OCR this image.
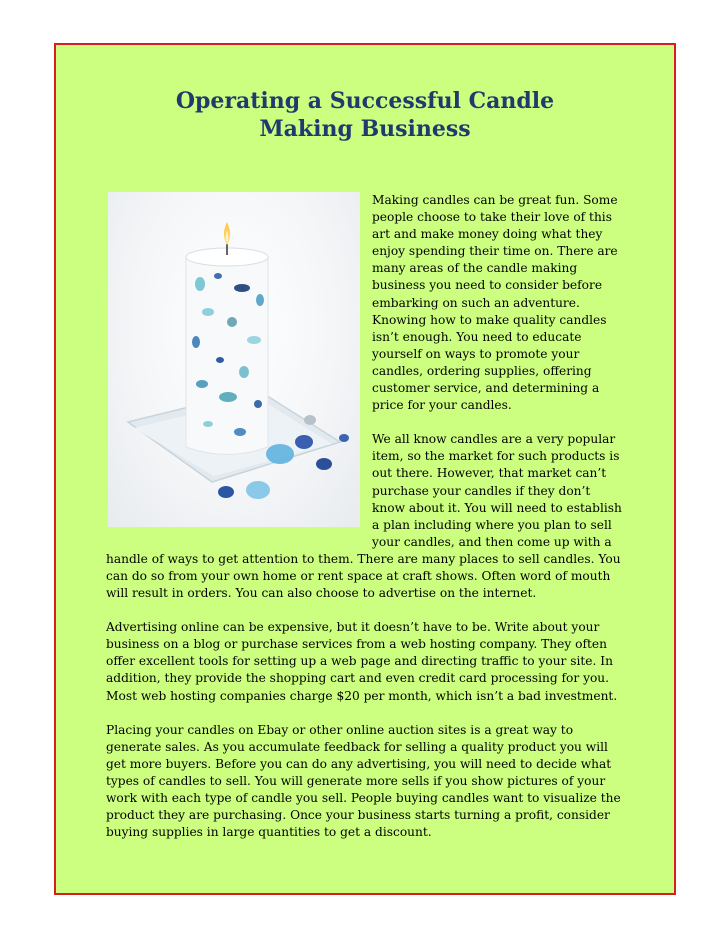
Operating a Successful Candle
Making Business

Making candles can be great fun. Some people choose to take their love of this art and make money doing what they enjoy spending their time on. There are many areas of the candle making business you need to consider before embarking on such an adventure. Knowing how to make quality candles isn’t enough. You need to educate yourself on ways to promote your candles, ordering supplies, offering customer service, and determining a price for your candles.

We all know candles are a very popular item, so the market for such products is out there. However, that market can’t purchase your candles if they don’t know about it. You will need to establish a plan including where you plan to sell your candles, and then come up with a handle of ways to get attention to them. There are many places to sell candles. You can do so from your own home or rent space at craft shows. Often word of mouth will result in orders. You can also choose to advertise on the internet.

Advertising online can be expensive, but it doesn’t have to be. Write about your business on a blog or purchase services from a web hosting company. They often offer excellent tools for setting up a web page and directing traffic to your site. In addition, they provide the shopping cart and even credit card processing for you. Most web hosting companies charge $20 per month, which isn’t a bad investment.

Placing your candles on Ebay or other online auction sites is a great way to generate sales. As you accumulate feedback for selling a quality product you will get more buyers. Before you can do any advertising, you will need to decide what types of candles to sell. You will generate more sells if you show pictures of your work with each type of candle you sell. People buying candles want to visualize the product they are purchasing. Once your business starts turning a profit, consider buying supplies in large quantities to get a discount.
